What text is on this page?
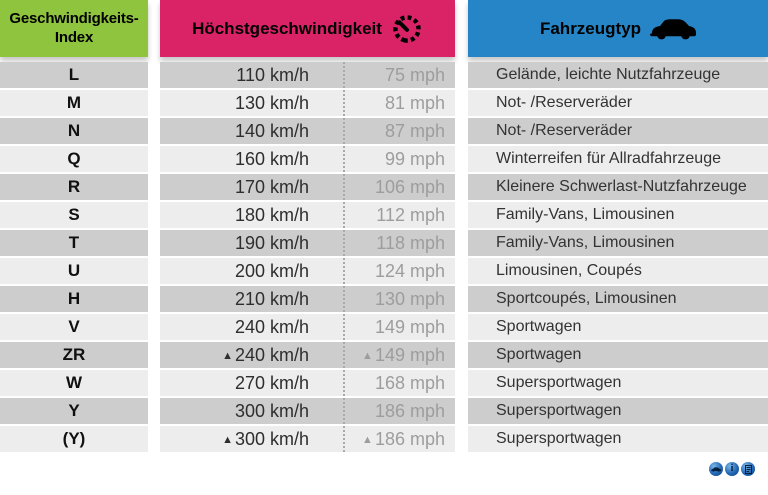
Geschwindigkeits-
Index	Höchstgeschwindigkeit	Fahrzeugtyp
L	110 km/h	75 mph	Gelände, leichte Nutzfahrzeuge
M	130 km/h	81 mph	Not- /Reserveräder
N	140 km/h	87 mph	Not- /Reserveräder
Q	160 km/h	99 mph	Winterreifen für Allradfahrzeuge
R	170 km/h	106 mph	Kleinere Schwerlast-Nutzfahrzeuge
S	180 km/h	112 mph	Family-Vans, Limousinen
T	190 km/h	118 mph	Family-Vans, Limousinen
U	200 km/h	124 mph	Limousinen, Coupés
H	210 km/h	130 mph	Sportcoupés, Limousinen
V	240 km/h	149 mph	Sportwagen
ZR	▲ 240 km/h	▲ 149 mph	Sportwagen
W	270 km/h	168 mph	Supersportwagen
Y	300 km/h	186 mph	Supersportwagen
(Y)	▲ 300 km/h	▲ 186 mph	Supersportwagen
i
